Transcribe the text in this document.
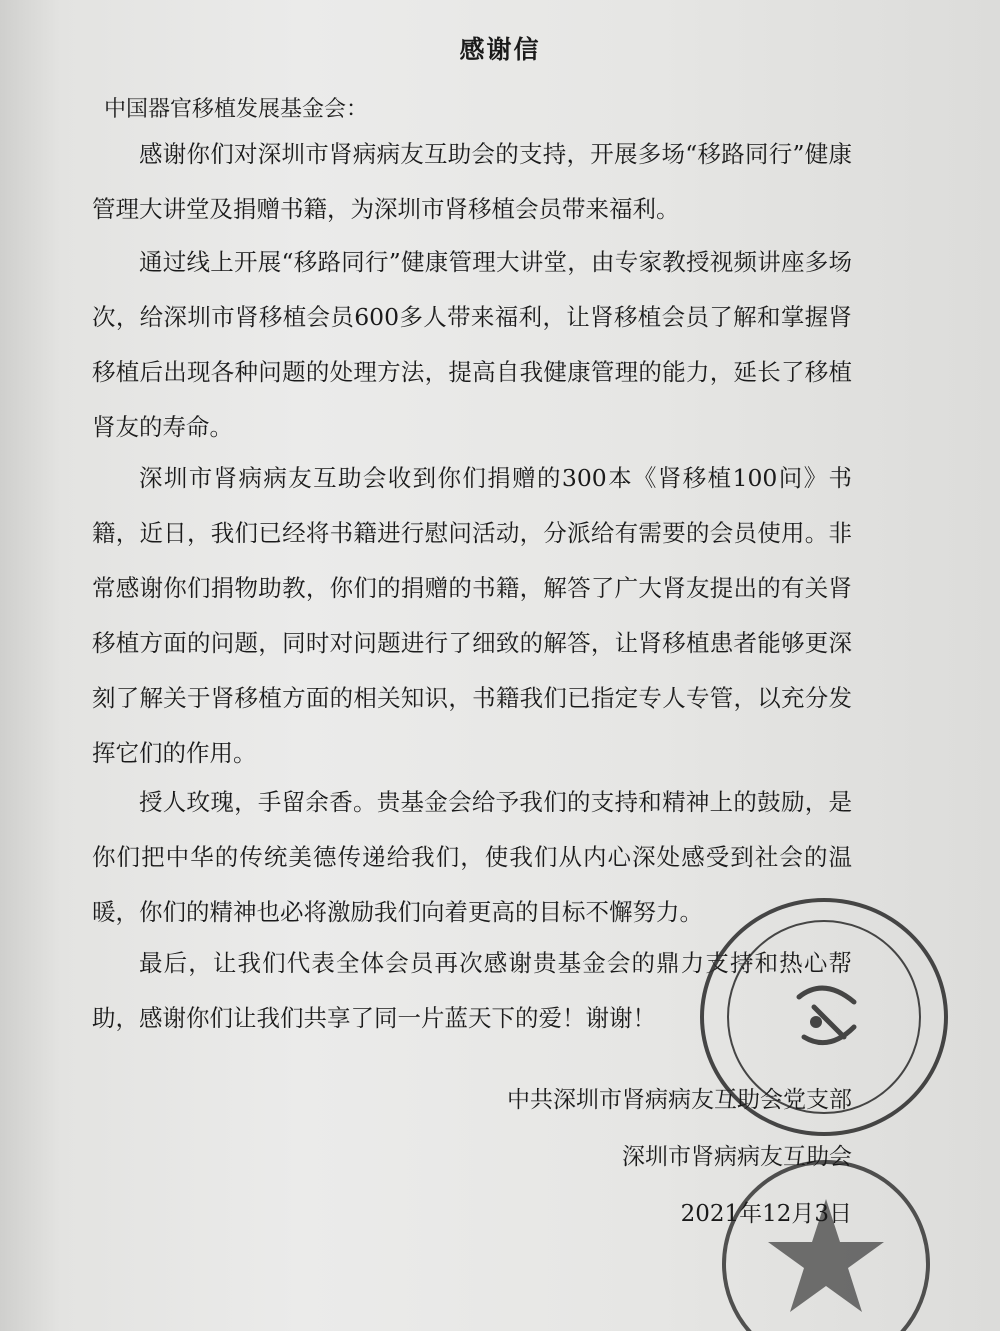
感谢信
中国器官移植发展基金会：
感谢你们对深圳市肾病病友互助会的支持，开展多场“移路同行”健康管理大讲堂及捐赠书籍，为深圳市肾移植会员带来福利。
通过线上开展“移路同行”健康管理大讲堂，由专家教授视频讲座多场次，给深圳市肾移植会员600多人带来福利，让肾移植会员了解和掌握肾移植后出现各种问题的处理方法，提高自我健康管理的能力，延长了移植肾友的寿命。
深圳市肾病病友互助会收到你们捐赠的300本《肾移植100问》书籍，近日，我们已经将书籍进行慰问活动，分派给有需要的会员使用。非常感谢你们捐物助教，你们的捐赠的书籍，解答了广大肾友提出的有关肾移植方面的问题，同时对问题进行了细致的解答，让肾移植患者能够更深刻了解关于肾移植方面的相关知识，书籍我们已指定专人专管，以充分发挥它们的作用。
授人玫瑰，手留余香。贵基金会给予我们的支持和精神上的鼓励，是你们把中华的传统美德传递给我们，使我们从内心深处感受到社会的温暖，你们的精神也必将激励我们向着更高的目标不懈努力。
最后，让我们代表全体会员再次感谢贵基金会的鼎力支持和热心帮助，感谢你们让我们共享了同一片蓝天下的爱！谢谢！
中共深圳市肾病病友互助会党支部
深圳市肾病病友互助会
2021年12月3日
